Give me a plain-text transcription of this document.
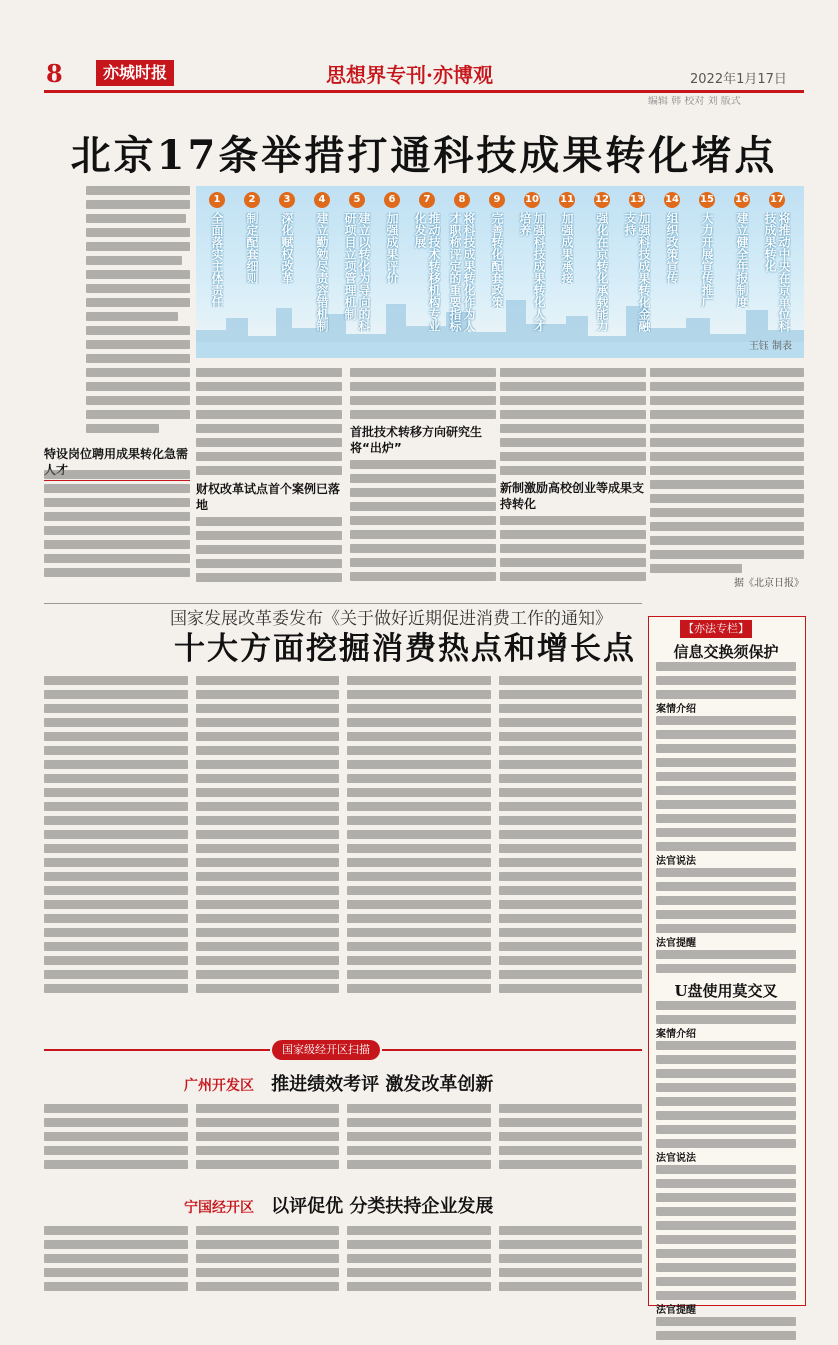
8	亦城时报	思想界专刊·亦博观	2022年1月17日
编辑 韩 校对 刘 版式
北京17条举措打通科技成果转化堵点
1
全面落实主体责任
2
制定配套细则
3
深化赋权改革
4
建立勤勉尽责容错机制
5
建立以转化为导向的科研项目立项管理机制
6
加强成果评价
7
推动技术转移机构专业化发展
8
将科技成果转化作为人才职称评定的重要指标
9
完善转化配套政策
10
加强科技成果转化人才培养
11
加强成果承接
12
强化在京转化承载能力
13
加强科技成果转化金融支持
14
组织政策宣传
15
大力开展宣传推广
16
建立健全年报制度
17
将推动中央在京单位科技成果转化
王钰 制表
特设岗位聘用成果转化急需
财权改革试点首个案例已落地
首批技术转移方向研究生将“出炉”
新制激励高校创业等成果支持转化
据《北京日报》
国家发展改革委发布《关于做好近期促进消费工作的通知》
十大方面挖掘消费热点和增长点
【亦法专栏】
信息交换须保护
案情介绍
法官说法
法官提醒
U盘使用莫交叉
案情介绍
法官说法
法官提醒
国家级经开区扫描
广州开发区 推进绩效考评 激发改革创新
宁国经开区 以评促优 分类扶持企业发展
